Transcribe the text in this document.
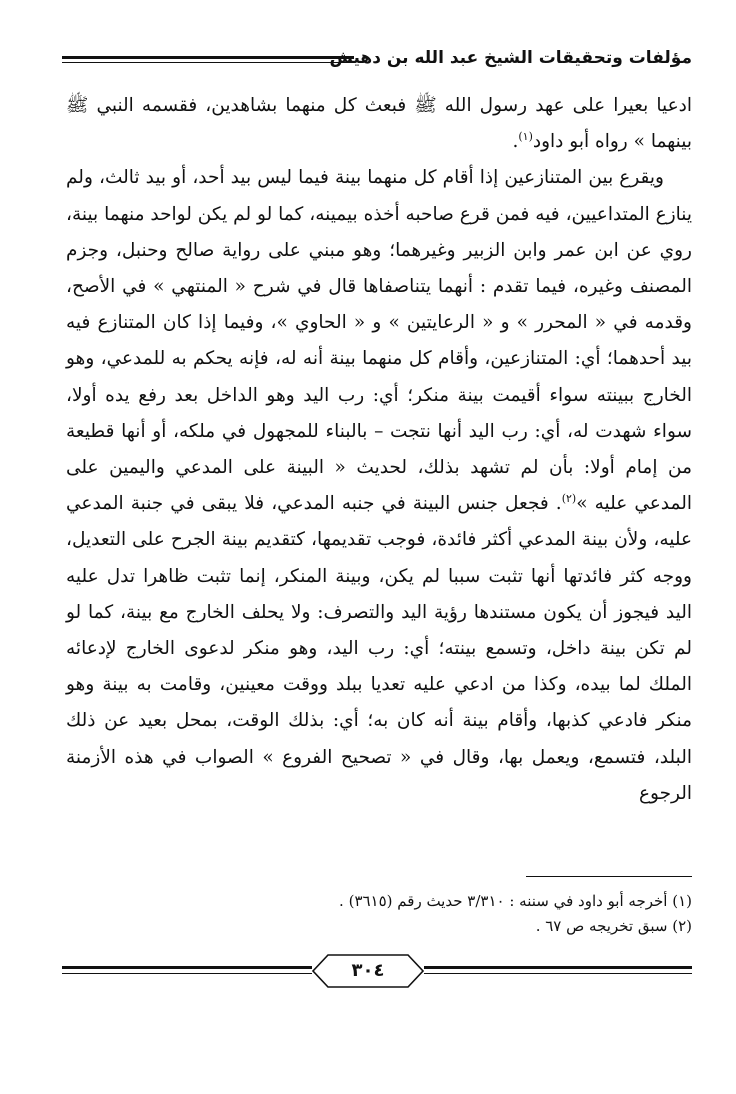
مؤلفات وتحقيقات الشيخ عبد الله بن دهيش

ادعيا بعيرا على عهد رسول الله ﷺ فبعث كل منهما بشاهدين، فقسمه النبي ﷺ بينهما » رواه أبو داود$^{(١)}$.

ويقرع بين المتنازعين إذا أقام كل منهما بينة فيما ليس بيد أحد، أو بيد ثالث، ولم ينازع المتداعيين، فيه فمن قرع صاحبه أخذه بيمينه، كما لو لم يكن لواحد منهما بينة، روي عن ابن عمر وابن الزبير وغيرهما؛ وهو مبني على رواية صالح وحنبل، وجزم المصنف وغيره، فيما تقدم : أنهما يتناصفاها قال في شرح « المنتهي » في الأصح، وقدمه في « المحرر » و « الرعايتين » و « الحاوي »، وفيما إذا كان المتنازع فيه بيد أحدهما؛ أي: المتنازعين، وأقام كل منهما بينة أنه له، فإنه يحكم به للمدعي، وهو الخارج ببينته سواء أقيمت بينة منكر؛ أي: رب اليد وهو الداخل بعد رفع يده أولا، سواء شهدت له، أي: رب اليد أنها نتجت – بالبناء للمجهول في ملكه، أو أنها قطيعة من إمام أولا: بأن لم تشهد بذلك، لحديث « البينة على المدعي واليمين على المدعي عليه »$^{(٢)}$. فجعل جنس البينة في جنبه المدعي، فلا يبقى في جنبة المدعي عليه، ولأن بينة المدعي أكثر فائدة، فوجب تقديمها، كتقديم بينة الجرح على التعديل، ووجه كثر فائدتها أنها تثبت سببا لم يكن، وبينة المنكر، إنما تثبت ظاهرا تدل عليه اليد فيجوز أن يكون مستندها رؤية اليد والتصرف: ولا يحلف الخارج مع بينة، كما لو لم تكن بينة داخل، وتسمع بينته؛ أي: رب اليد، وهو منكر لدعوى الخارج لإدعائه الملك لما بيده، وكذا من ادعي عليه تعديا ببلد ووقت معينين، وقامت به بينة وهو منكر فادعي كذبها، وأقام بينة أنه كان به؛ أي: بذلك الوقت، بمحل بعيد عن ذلك البلد، فتسمع، ويعمل بها، وقال في « تصحيح الفروع » الصواب في هذه الأزمنة الرجوع

(١) أخرجه أبو داود في سننه : ٣/٣١٠ حديث رقم (٣٦١٥) .
(٢) سبق تخريجه ص ٦٧ .
٣٠٤
